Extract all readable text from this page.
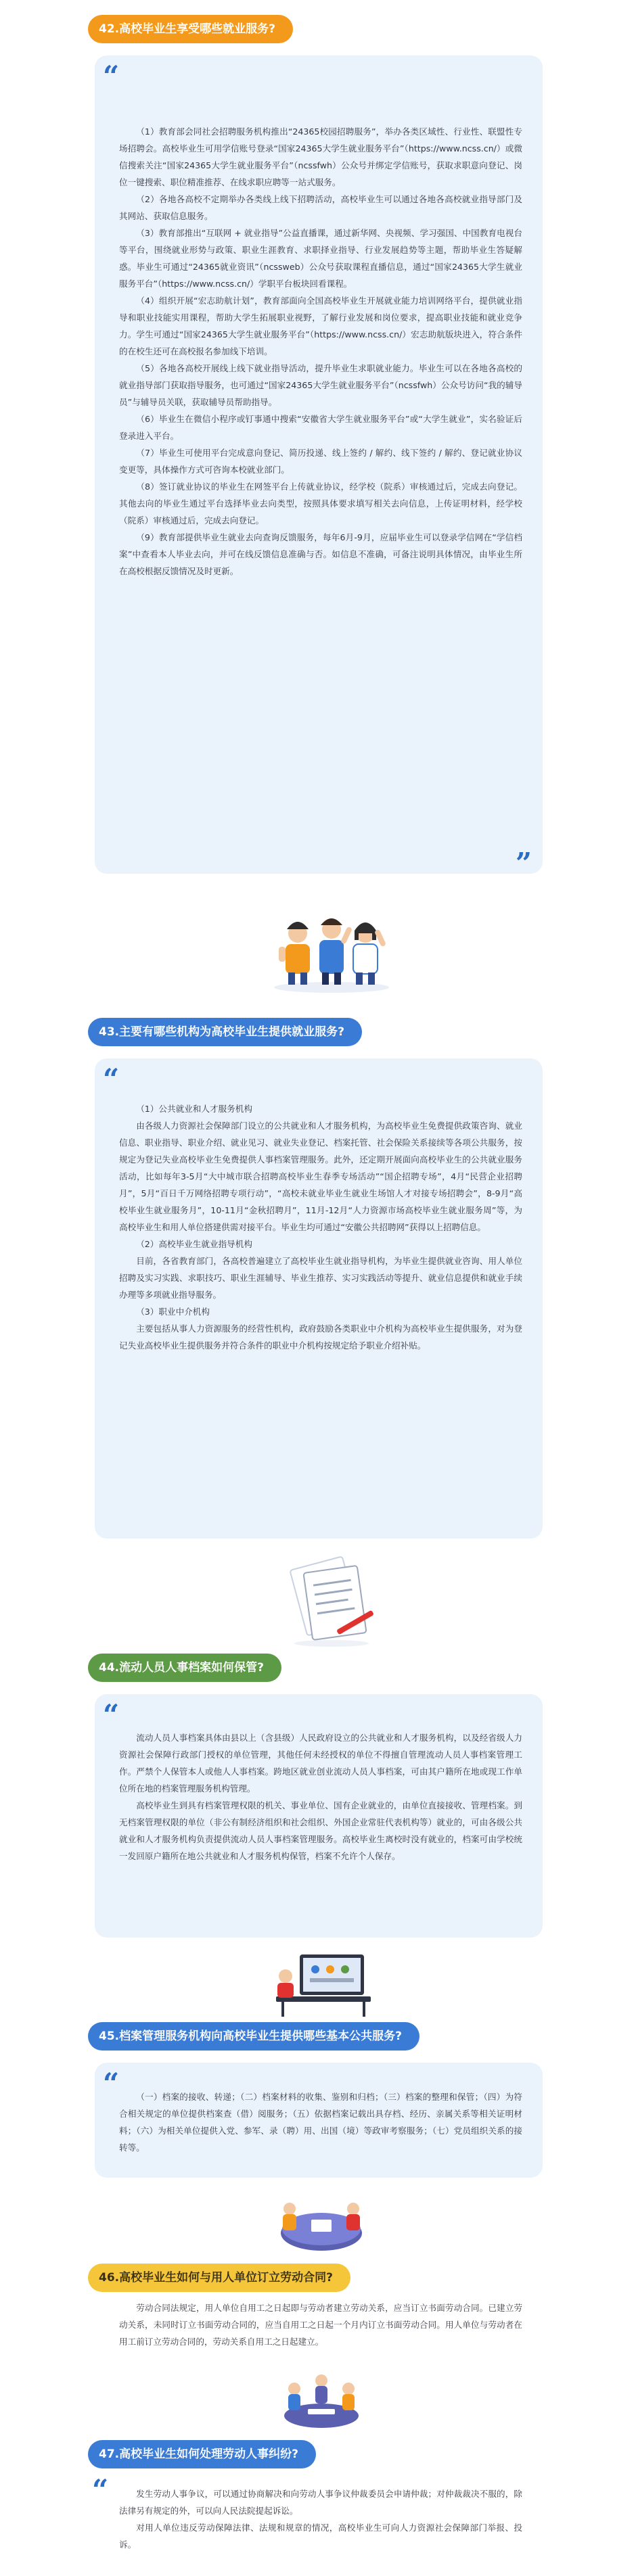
42.高校毕业生享受哪些就业服务?
“

（1）教育部会同社会招聘服务机构推出“24365校园招聘服务”，举办各类区域性、行业性、联盟性专场招聘会。高校毕业生可用学信账号登录“国家24365大学生就业服务平台”（https://www.ncss.cn/）或微信搜索关注“国家24365大学生就业服务平台”（ncssfwh）公众号并绑定学信账号，获取求职意向登记、岗位一键搜索、职位精准推荐、在线求职应聘等一站式服务。

（2）各地各高校不定期举办各类线上线下招聘活动，高校毕业生可以通过各地各高校就业指导部门及其网站、获取信息服务。

（3）教育部推出“互联网 + 就业指导”公益直播课，通过新华网、央视频、学习强国、中国教育电视台等平台，围绕就业形势与政策、职业生涯教育、求职择业指导、行业发展趋势等主题，帮助毕业生答疑解惑。毕业生可通过“24365就业资讯”（ncssweb）公众号获取课程直播信息，通过“国家24365大学生就业服务平台”（https://www.ncss.cn/）学职平台板块回看课程。

（4）组织开展“宏志助航计划”，教育部面向全国高校毕业生开展就业能力培训网络平台，提供就业指导和职业技能实用课程，帮助大学生拓展职业视野，了解行业发展和岗位要求，提高职业技能和就业竞争力。学生可通过“国家24365大学生就业服务平台”（https://www.ncss.cn/）宏志助航版块进入，符合条件的在校生还可在高校报名参加线下培训。

（5）各地各高校开展线上线下就业指导活动，提升毕业生求职就业能力。毕业生可以在各地各高校的就业指导部门获取指导服务，也可通过“国家24365大学生就业服务平台”（ncssfwh）公众号访问“我的辅导员”与辅导员关联，获取辅导员帮助指导。

（6）毕业生在微信小程序或钉事通中搜索“安徽省大学生就业服务平台”或“大学生就业”，实名验证后登录进入平台。

（7）毕业生可使用平台完成意向登记、简历投递、线上签约 / 解约、线下签约 / 解约、登记就业协议变更等，具体操作方式可咨询本校就业部门。

（8）签订就业协议的毕业生在网签平台上传就业协议，经学校（院系）审核通过后，完成去向登记。其他去向的毕业生通过平台选择毕业去向类型，按照具体要求填写相关去向信息，上传证明材料，经学校（院系）审核通过后，完成去向登记。

（9）教育部提供毕业生就业去向查询反馈服务，每年6月-9月，应届毕业生可以登录学信网在“学信档案”中查看本人毕业去向，并可在线反馈信息准确与否。如信息不准确，可备注说明具体情况，由毕业生所在高校根据反馈情况及时更新。

”
43.主要有哪些机构为高校毕业生提供就业服务?
“

（1）公共就业和人才服务机构

由各级人力资源社会保障部门设立的公共就业和人才服务机构，为高校毕业生免费提供政策咨询、就业信息、职业指导、职业介绍、就业见习、就业失业登记、档案托管、社会保险关系接续等各项公共服务，按规定为登记失业高校毕业生免费提供人事档案管理服务。此外，还定期开展面向高校毕业生的公共就业服务活动，比如每年3-5月“大中城市联合招聘高校毕业生春季专场活动”“国企招聘专场”，4月“民营企业招聘月”，5月“百日千万网络招聘专项行动”，“高校未就业毕业生就业生场馆人才对接专场招聘会”，8-9月“高校毕业生就业服务月”，10-11月“金秋招聘月”，11月-12月“人力资源市场高校毕业生就业服务周”等，为高校毕业生和用人单位搭建供需对接平台。毕业生均可通过“安徽公共招聘网”获得以上招聘信息。

（2）高校毕业生就业指导机构

目前，各省教育部门，各高校普遍建立了高校毕业生就业指导机构，为毕业生提供就业咨询、用人单位招聘及实习实践、求职技巧、职业生涯辅导、毕业生推荐、实习实践活动等提升、就业信息提供和就业手续办理等多项就业指导服务。

（3）职业中介机构

主要包括从事人力资源服务的经营性机构，政府鼓励各类职业中介机构为高校毕业生提供服务，对为登记失业高校毕业生提供服务并符合条件的职业中介机构按规定给予职业介绍补贴。

44.流动人员人事档案如何保管?
“

流动人员人事档案具体由县以上（含县级）人民政府设立的公共就业和人才服务机构，以及经省级人力资源社会保障行政部门授权的单位管理，其他任何未经授权的单位不得擅自管理流动人员人事档案管理工作。严禁个人保管本人或他人人事档案。跨地区就业创业流动人员人事档案，可由其户籍所在地或现工作单位所在地的档案管理服务机构管理。

高校毕业生到具有档案管理权限的机关、事业单位、国有企业就业的，由单位直接接收、管理档案。到无档案管理权限的单位（非公有制经济组织和社会组织、外国企业常驻代表机构等）就业的，可由各级公共就业和人才服务机构负责提供流动人员人事档案管理服务。高校毕业生离校时没有就业的，档案可由学校统一发回原户籍所在地公共就业和人才服务机构保管，档案不允许个人保存。

45.档案管理服务机构向高校毕业生提供哪些基本公共服务?
“	（一）档案的接收、转递；（二）档案材料的收集、鉴别和归档；（三）档案的整理和保管；（四）为符合相关规定的单位提供档案查（借）阅服务；（五）依据档案记载出具存档、经历、亲属关系等相关证明材料；（六）为相关单位提供入党、参军、录（聘）用、出国（境）等政审考察服务；（七）党员组织关系的接转等。

46.高校毕业生如何与用人单位订立劳动合同?

劳动合同法规定，用人单位自用工之日起即与劳动者建立劳动关系，应当订立书面劳动合同。已建立劳动关系，未同时订立书面劳动合同的，应当自用工之日起一个月内订立书面劳动合同。用人单位与劳动者在用工前订立劳动合同的，劳动关系自用工之日起建立。

47.高校毕业生如何处理劳动人事纠纷?
“	发生劳动人事争议，可以通过协商解决和向劳动人事争议仲裁委员会申请仲裁；对仲裁裁决不服的，除法律另有规定的外，可以向人民法院提起诉讼。

对用人单位违反劳动保障法律、法规和规章的情况，高校毕业生可向人力资源社会保障部门举报、投诉。
